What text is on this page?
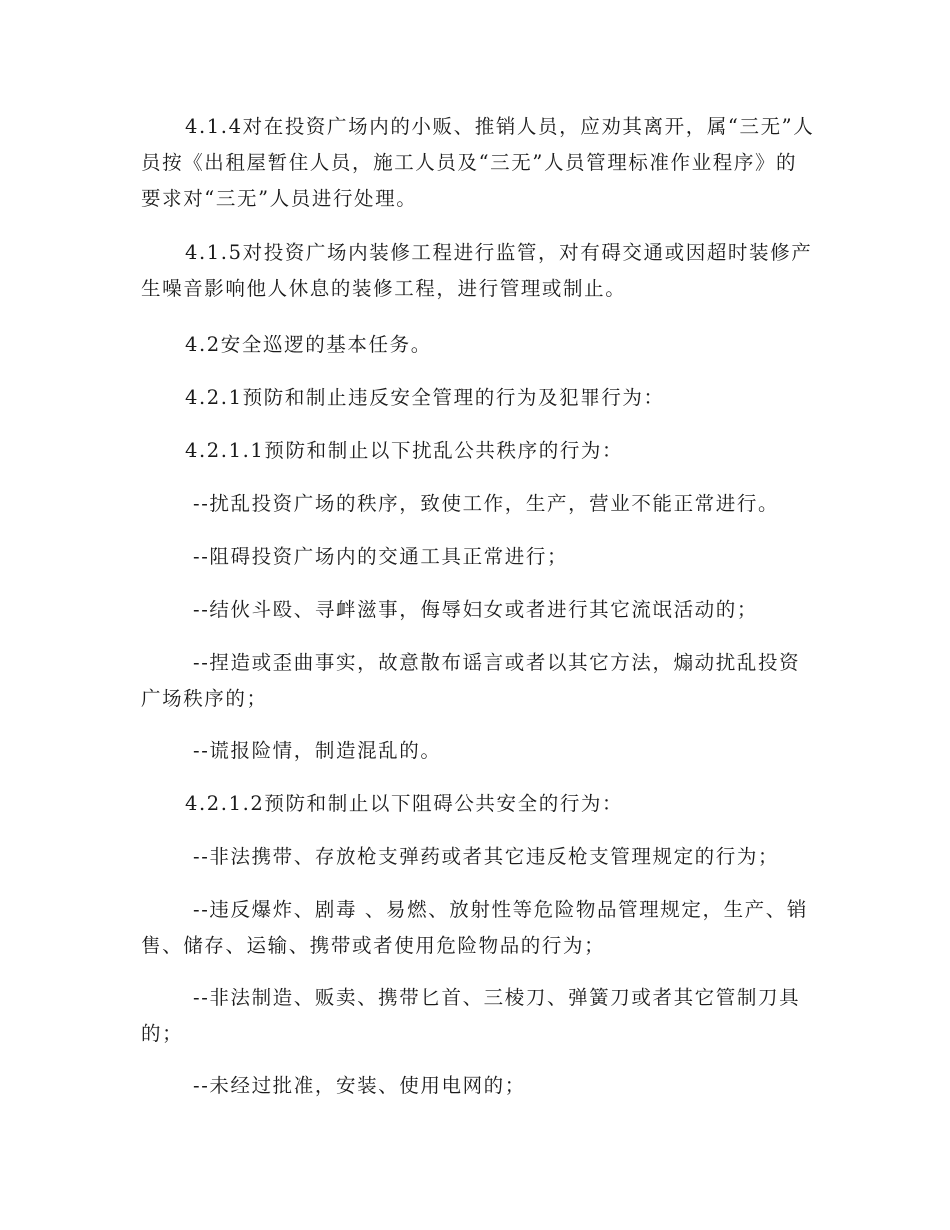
4.1.4对在投资广场内的小贩、推销人员，应劝其离开，属“三无”人员按《出租屋暂住人员，施工人员及“三无”人员管理标准作业程序》的要求对“三无”人员进行处理。

4.1.5对投资广场内装修工程进行监管，对有碍交通或因超时装修产生噪音影响他人休息的装修工程，进行管理或制止。

4.2安全巡逻的基本任务。

4.2.1预防和制止违反安全管理的行为及犯罪行为：

4.2.1.1预防和制止以下扰乱公共秩序的行为：

--扰乱投资广场的秩序，致使工作，生产，营业不能正常进行。

--阻碍投资广场内的交通工具正常进行；

--结伙斗殴、寻衅滋事，侮辱妇女或者进行其它流氓活动的；

--捏造或歪曲事实，故意散布谣言或者以其它方法，煽动扰乱投资广场秩序的；

--谎报险情，制造混乱的。

4.2.1.2预防和制止以下阻碍公共安全的行为：

--非法携带、存放枪支弹药或者其它违反枪支管理规定的行为；

--违反爆炸、剧毒 、易燃、放射性等危险物品管理规定，生产、销售、储存、运输、携带或者使用危险物品的行为；

--非法制造、贩卖、携带匕首、三棱刀、弹簧刀或者其它管制刀具的；

--未经过批准，安装、使用电网的；
